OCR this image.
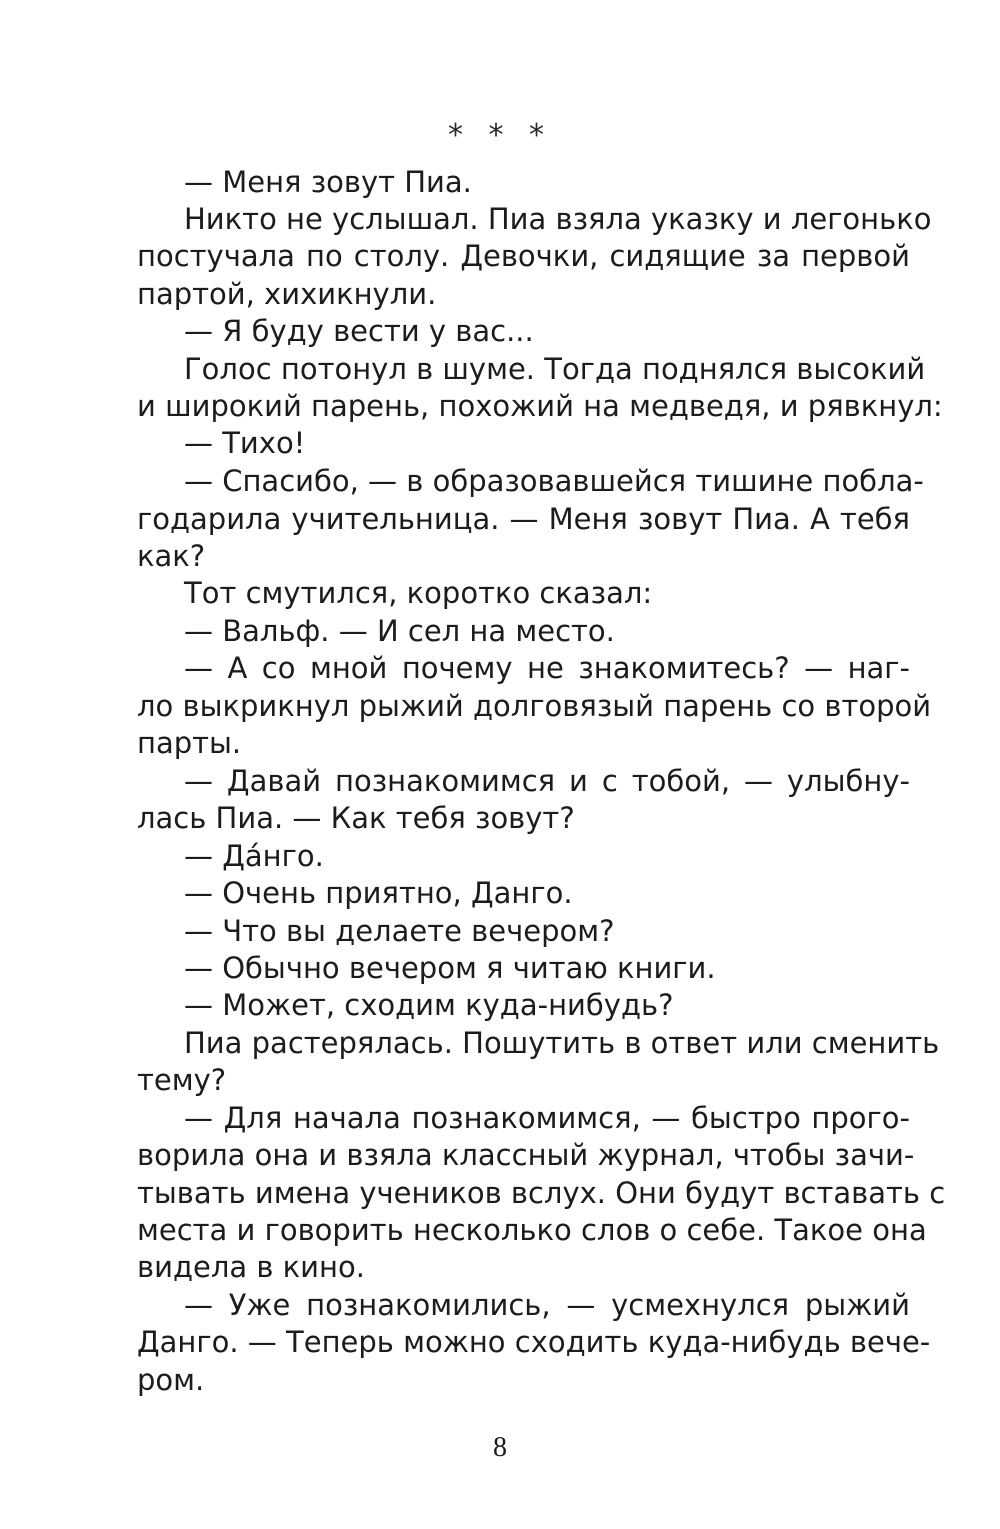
* * *
— Меня зовут Пиа.
Никто не услышал. Пиа взяла указку и легонько
постучала по столу. Девочки, сидящие за первой
партой, хихикнули.
— Я буду вести у вас...
Голос потонул в шуме. Тогда поднялся высокий
и широкий парень, похожий на медведя, и рявкнул:
— Тихо!
— Спасибо, — в образовавшейся тишине побла-
годарила учительница. — Меня зовут Пиа. А тебя
как?
Тот смутился, коротко сказал:
— Вальф. — И сел на место.
— А со мной почему не знакомитесь? — наг-
ло выкрикнул рыжий долговязый парень со второй
парты.
— Давай познакомимся и с тобой, — улыбну-
лась Пиа. — Как тебя зовут?
— Да́нго.
— Очень приятно, Данго.
— Что вы делаете вечером?
— Обычно вечером я читаю книги.
— Может, сходим куда-нибудь?
Пиа растерялась. Пошутить в ответ или сменить
тему?
— Для начала познакомимся, — быстро прого-
ворила она и взяла классный журнал, чтобы зачи-
тывать имена учеников вслух. Они будут вставать с
места и говорить несколько слов о себе. Такое она
видела в кино.
— Уже познакомились, — усмехнулся рыжий
Данго. — Теперь можно сходить куда-нибудь вече-
ром.
8
